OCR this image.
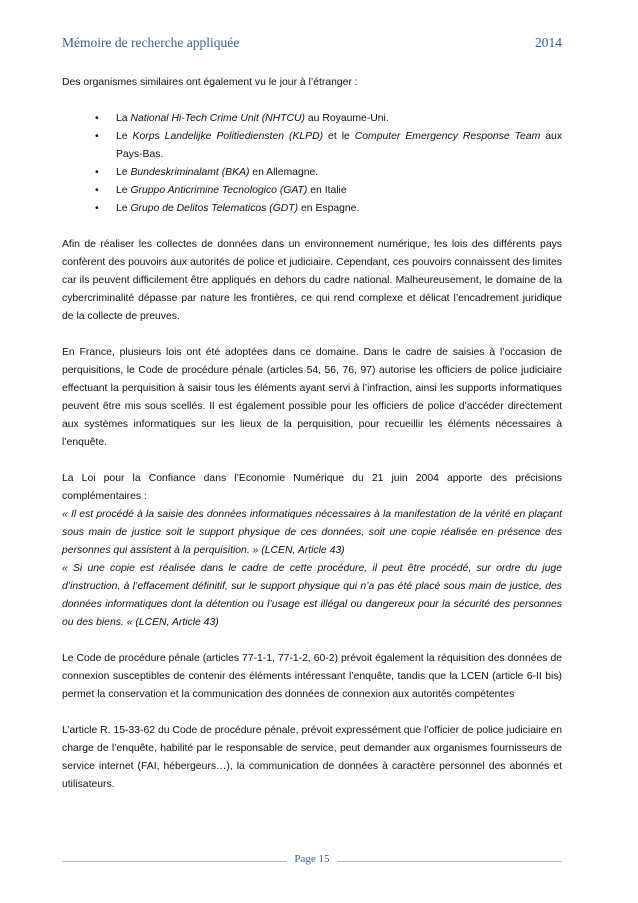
Mémoire de recherche appliquée	2014

Des organismes similaires ont également vu le jour à l’étranger :

• La National Hi-Tech Crime Unit (NHTCU) au Royaume-Uni.
• Le Korps Landelijke Politiediensten (KLPD) et le Computer Emergency Response Team aux Pays-Bas.
• Le Bundeskriminalamt (BKA) en Allemagne.
• Le Gruppo Anticrimine Tecnologico (GAT) en Italie
• Le Grupo de Delitos Telematicos (GDT) en Espagne.

Afin de réaliser les collectes de données dans un environnement numérique, les lois des différents pays confèrent des pouvoirs aux autorités de police et judiciaire. Cependant, ces pouvoirs connaissent des limites car ils peuvent difficilement être appliqués en dehors du cadre national. Malheureusement, le domaine de la cybercriminalité dépasse par nature les frontières, ce qui rend complexe et délicat l’encadrement juridique de la collecte de preuves.

En France, plusieurs lois ont été adoptées dans ce domaine. Dans le cadre de saisies à l’occasion de perquisitions, le Code de procédure pénale (articles 54, 56, 76, 97) autorise les officiers de police judiciaire effectuant la perquisition à saisir tous les éléments ayant servi à l’infraction, ainsi les supports informatiques peuvent être mis sous scellés. Il est également possible pour les officiers de police d’accéder directement aux systèmes informatiques sur les lieux de la perquisition, pour recueillir les éléments nécessaires à l’enquête.

La Loi pour la Confiance dans l’Economie Numérique du 21 juin 2004 apporte des précisions complémentaires :

« Il est procédé à la saisie des données informatiques nécessaires à la manifestation de la vérité en plaçant sous main de justice soit le support physique de ces données, soit une copie réalisée en présence des personnes qui assistent à la perquisition. » (LCEN, Article 43)

« Si une copie est réalisée dans le cadre de cette procédure, il peut être procédé, sur ordre du juge d’instruction, à l’effacement définitif, sur le support physique qui n’a pas été placé sous main de justice, des données informatiques dont la détention ou l’usage est illégal ou dangereux pour la sécurité des personnes ou des biens. « (LCEN, Article 43)

Le Code de procédure pénale (articles 77-1-1, 77-1-2, 60-2) prévoit également la réquisition des données de connexion susceptibles de contenir des éléments intéressant l’enquête, tandis que la LCEN (article 6-II bis) permet la conservation et la communication des données de connexion aux autorités compétentes

L’article R. 15-33-62 du Code de procédure pénale, prévoit expressément que l’officier de police judiciaire en charge de l’enquête, habilité par le responsable de service, peut demander aux organismes fournisseurs de service internet (FAI, hébergeurs…), la communication de données à caractère personnel des abonnés et utilisateurs.

Page 15
